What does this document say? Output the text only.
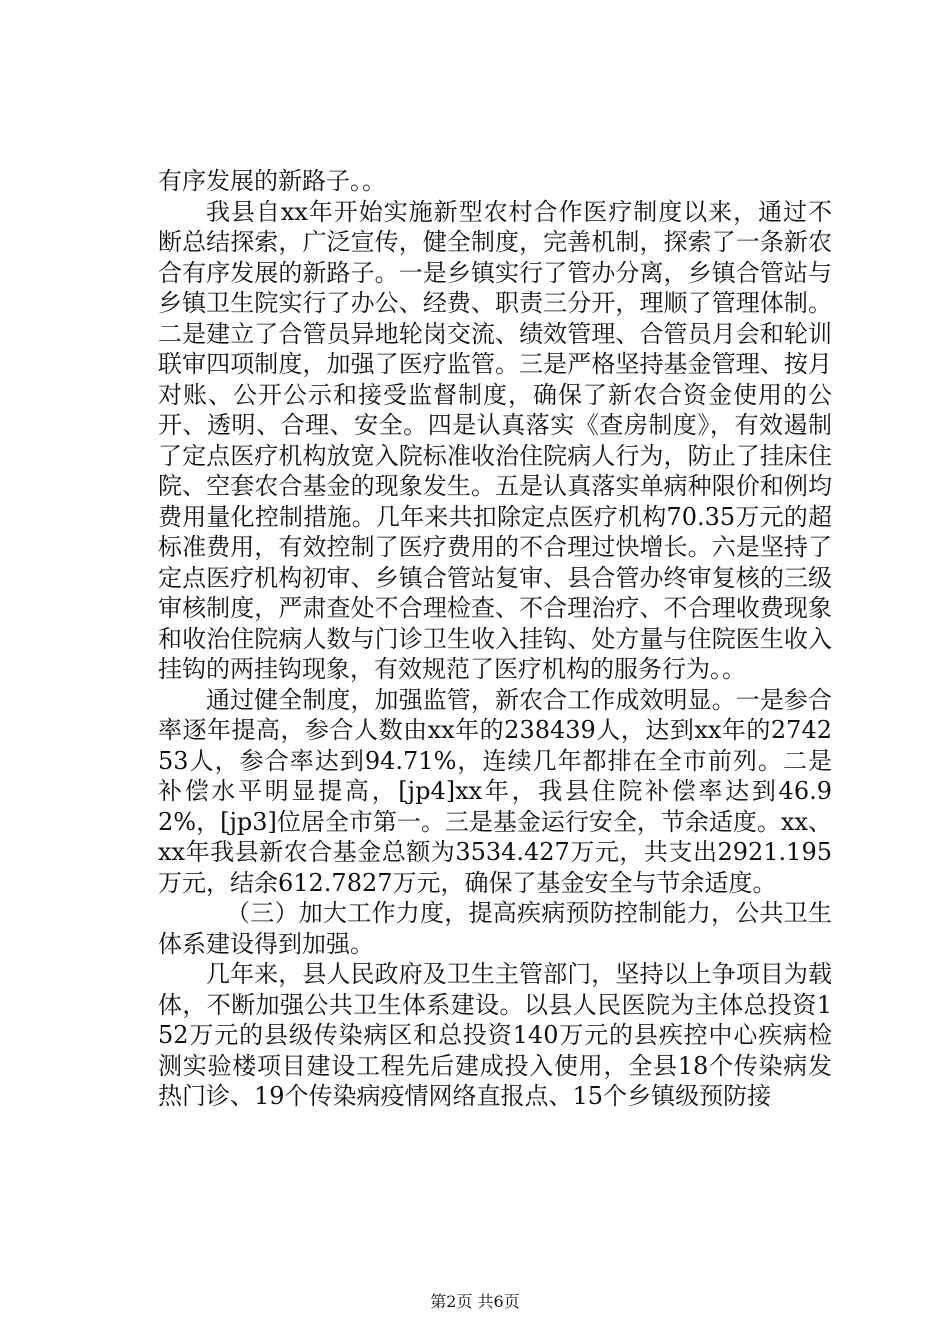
有序发展的新路子。。

我县自xx年开始实施新型农村合作医疗制度以来，通过不断总结探索，广泛宣传，健全制度，完善机制，探索了一条新农合有序发展的新路子。一是乡镇实行了管办分离，乡镇合管站与乡镇卫生院实行了办公、经费、职责三分开，理顺了管理体制。二是建立了合管员异地轮岗交流、绩效管理、合管员月会和轮训联审四项制度，加强了医疗监管。三是严格坚持基金管理、按月对账、公开公示和接受监督制度，确保了新农合资金使用的公开、透明、合理、安全。四是认真落实《查房制度》，有效遏制了定点医疗机构放宽入院标准收治住院病人行为，防止了挂床住院、空套农合基金的现象发生。五是认真落实单病种限价和例均费用量化控制措施。几年来共扣除定点医疗机构70.35万元的超标准费用，有效控制了医疗费用的不合理过快增长。六是坚持了定点医疗机构初审、乡镇合管站复审、县合管办终审复核的三级审核制度，严肃查处不合理检查、不合理治疗、不合理收费现象和收治住院病人数与门诊卫生收入挂钩、处方量与住院医生收入挂钩的两挂钩现象，有效规范了医疗机构的服务行为。。

通过健全制度，加强监管，新农合工作成效明显。一是参合率逐年提高，参合人数由xx年的238439人，达到xx年的274253人，参合率达到94.71%，连续几年都排在全市前列。二是补偿水平明显提高，[jp4]xx年，我县住院补偿率达到46.92%，[jp3]位居全市第一。三是基金运行安全，节余适度。xx、xx年我县新农合基金总额为3534.427万元，共支出2921.195万元，结余612.7827万元，确保了基金安全与节余适度。

（三）加大工作力度，提高疾病预防控制能力，公共卫生体系建设得到加强。

几年来，县人民政府及卫生主管部门，坚持以上争项目为载体，不断加强公共卫生体系建设。以县人民医院为主体总投资152万元的县级传染病区和总投资140万元的县疾控中心疾病检测实验楼项目建设工程先后建成投入使用，全县18个传染病发热门诊、19个传染病疫情网络直报点、15个乡镇级预防接

第2页 共6页
